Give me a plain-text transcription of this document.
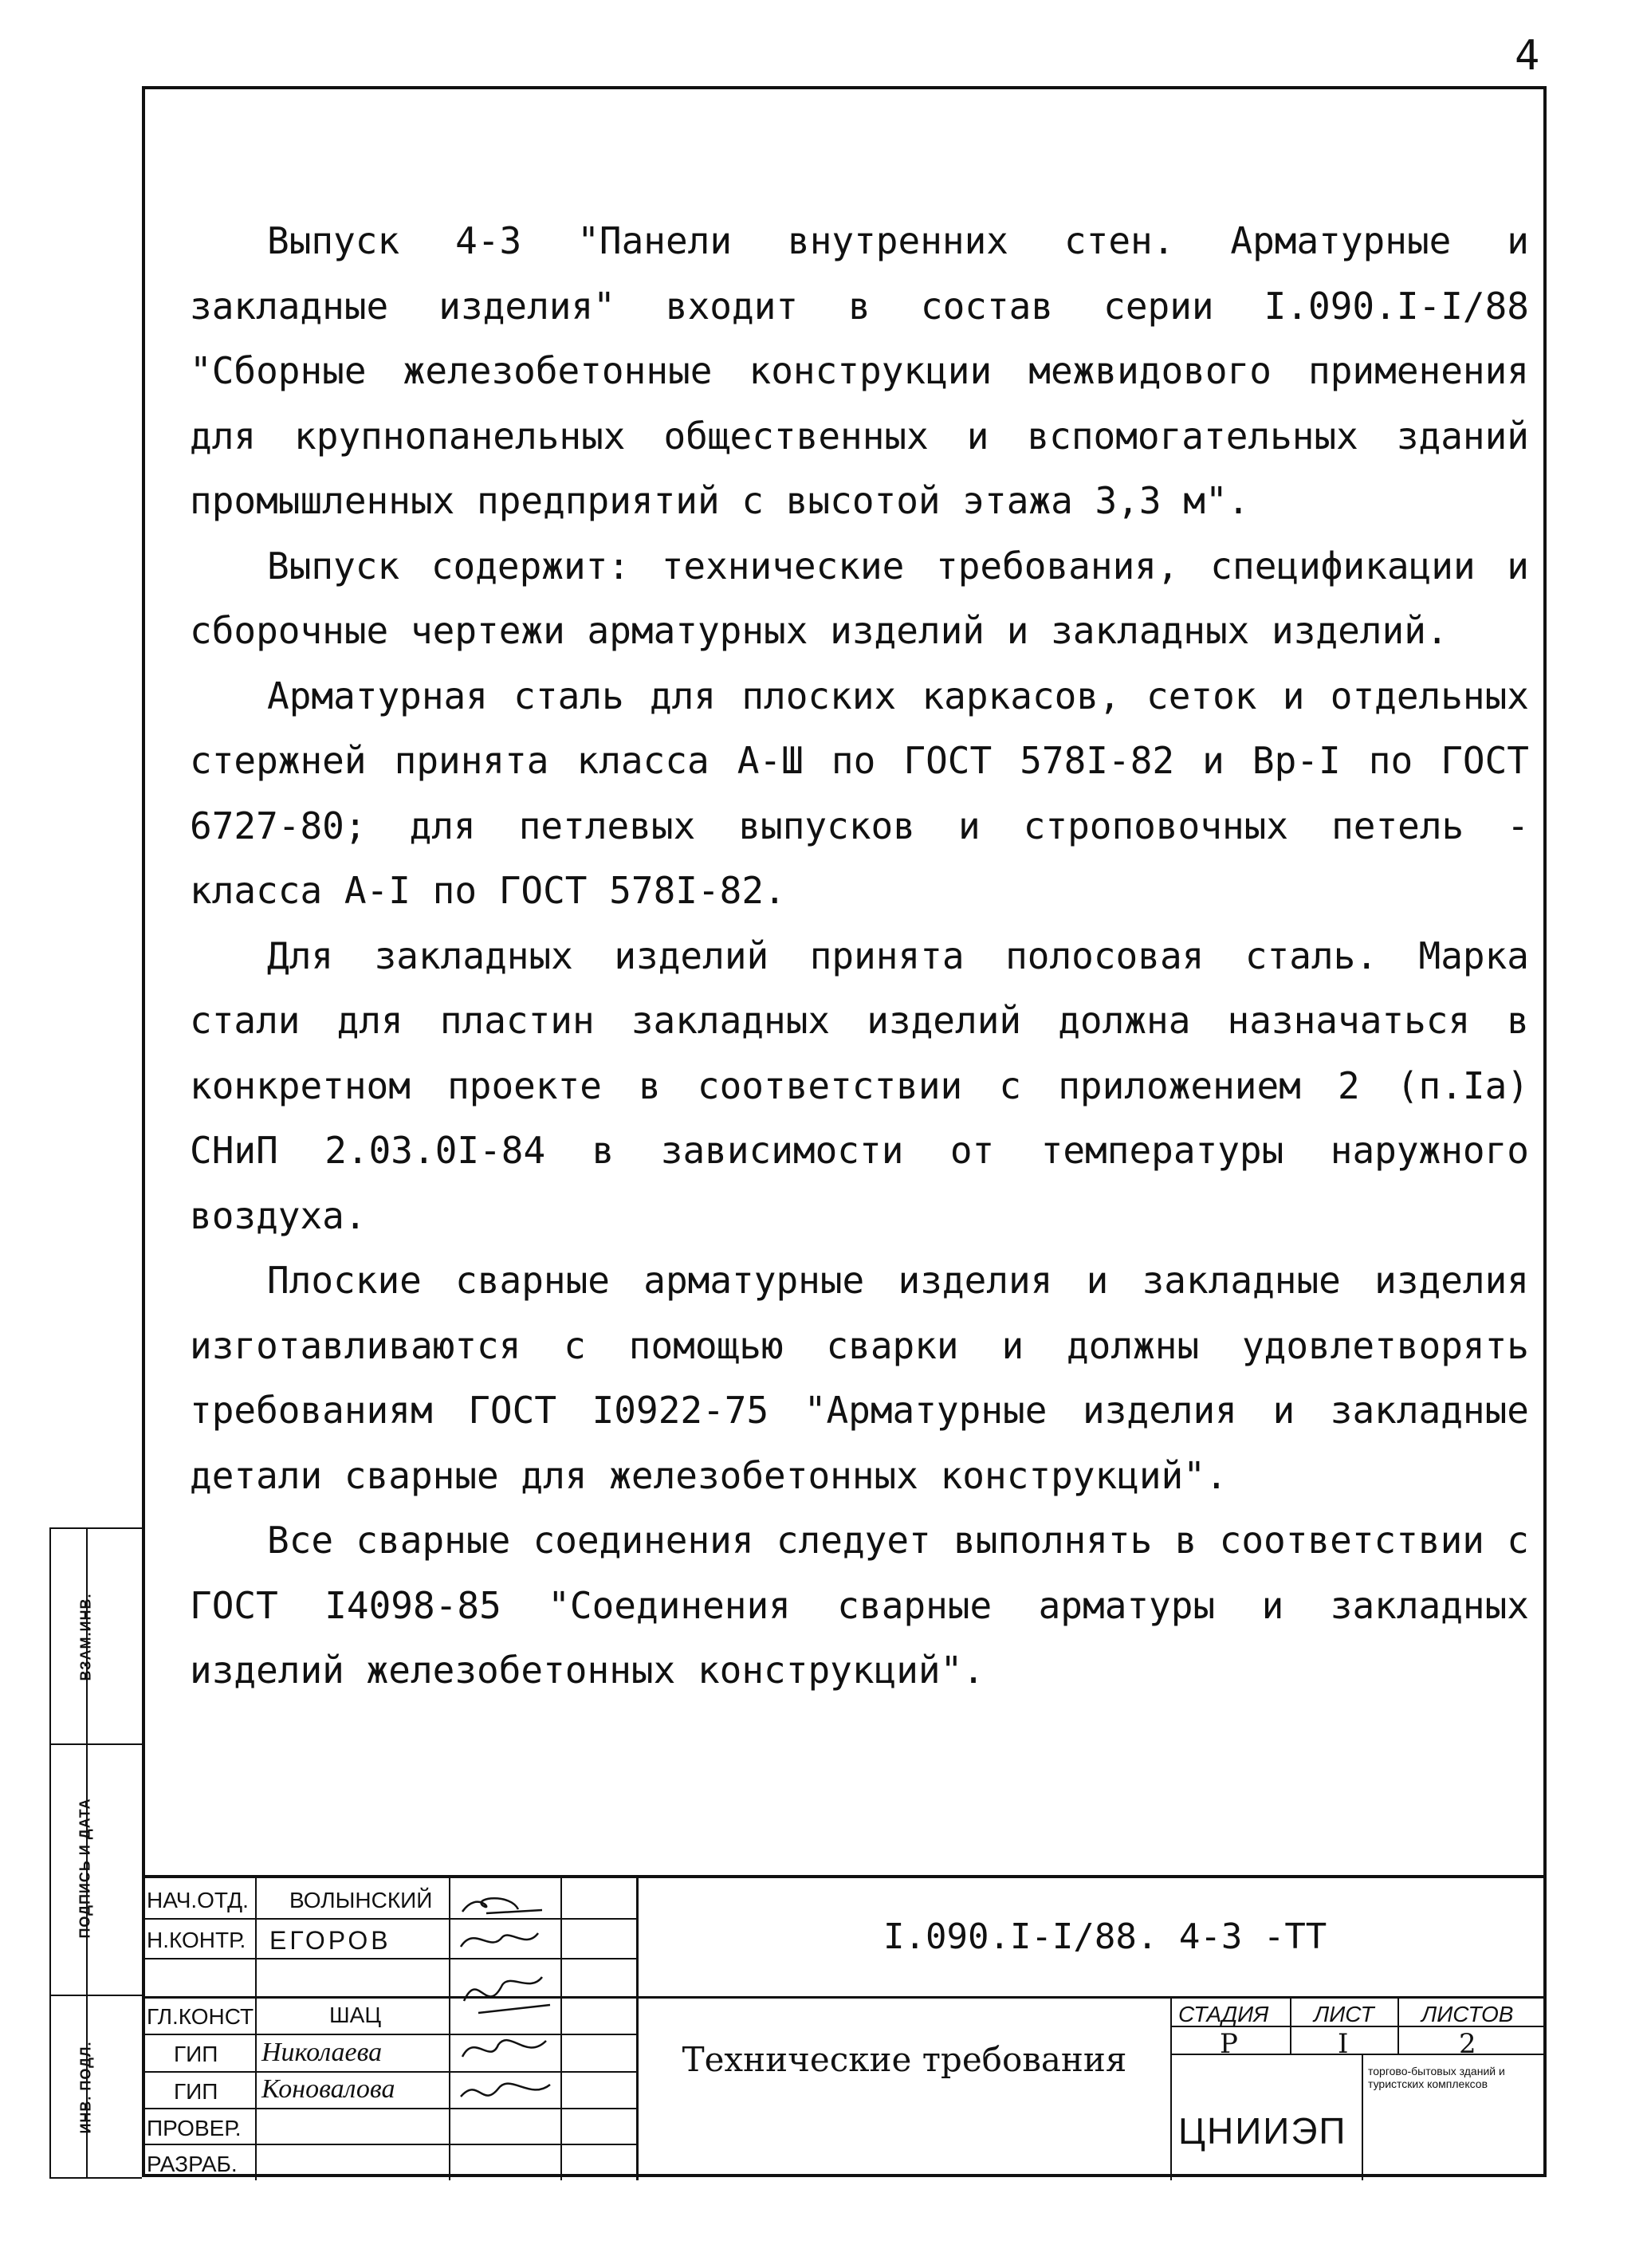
4

Выпуск 4-3 "Панели внутренних стен. Арматурные и закладные изделия" входит в состав серии I.090.I-I/88 "Сборные железобетонные конструкции межвидового применения для крупнопанельных общественных и вспомогательных зданий промышленных предприятий с высотой этажа 3,3 м".

Выпуск содержит: технические требования, спецификации и сборочные чертежи арматурных изделий и закладных изделий.

Арматурная сталь для плоских каркасов, сеток и отдельных стержней принята класса А-Ш по ГОСТ 578I-82 и Вр-I по ГОСТ 6727-80; для петлевых выпусков и строповочных петель - класса А-I по ГОСТ 578I-82.

Для закладных изделий принята полосовая сталь. Марка стали для пластин закладных изделий должна назначаться в конкретном проекте в соответствии с приложением 2 (п.Iа) СНиП 2.03.0I-84 в зависимости от температуры наружного воздуха.

Плоские сварные арматурные изделия и закладные изделия изготавливаются с помощью сварки и должны удовлетворять требованиям ГОСТ I0922-75 "Арматурные изделия и закладные детали сварные для железобетонных конструкций".

Все сварные соединения следует выполнять в соответствии с ГОСТ I4098-85 "Соединения сварные арматуры и закладных изделий железобетонных конструкций".

ВЗАМ.ИНВ.
ПОДПИСЬ И ДАТА
ИНВ. ПОДЛ.
НАЧ.ОТД.
Н.КОНТР.
ГЛ.КОНСТ
ГИП
ГИП
ПРОВЕР.
РАЗРАБ.
ВОЛЫНСКИЙ
ЕГОРОВ
ШАЦ
Николаева
Коновалова
I.090.I-I/88. 4-3 -ТТ
Технические требования
СТАДИЯ ЛИСТ ЛИСТОВ
Р	I	2
ЦНИИЭП
торгово-бытовых зданий и туристских комплексов
